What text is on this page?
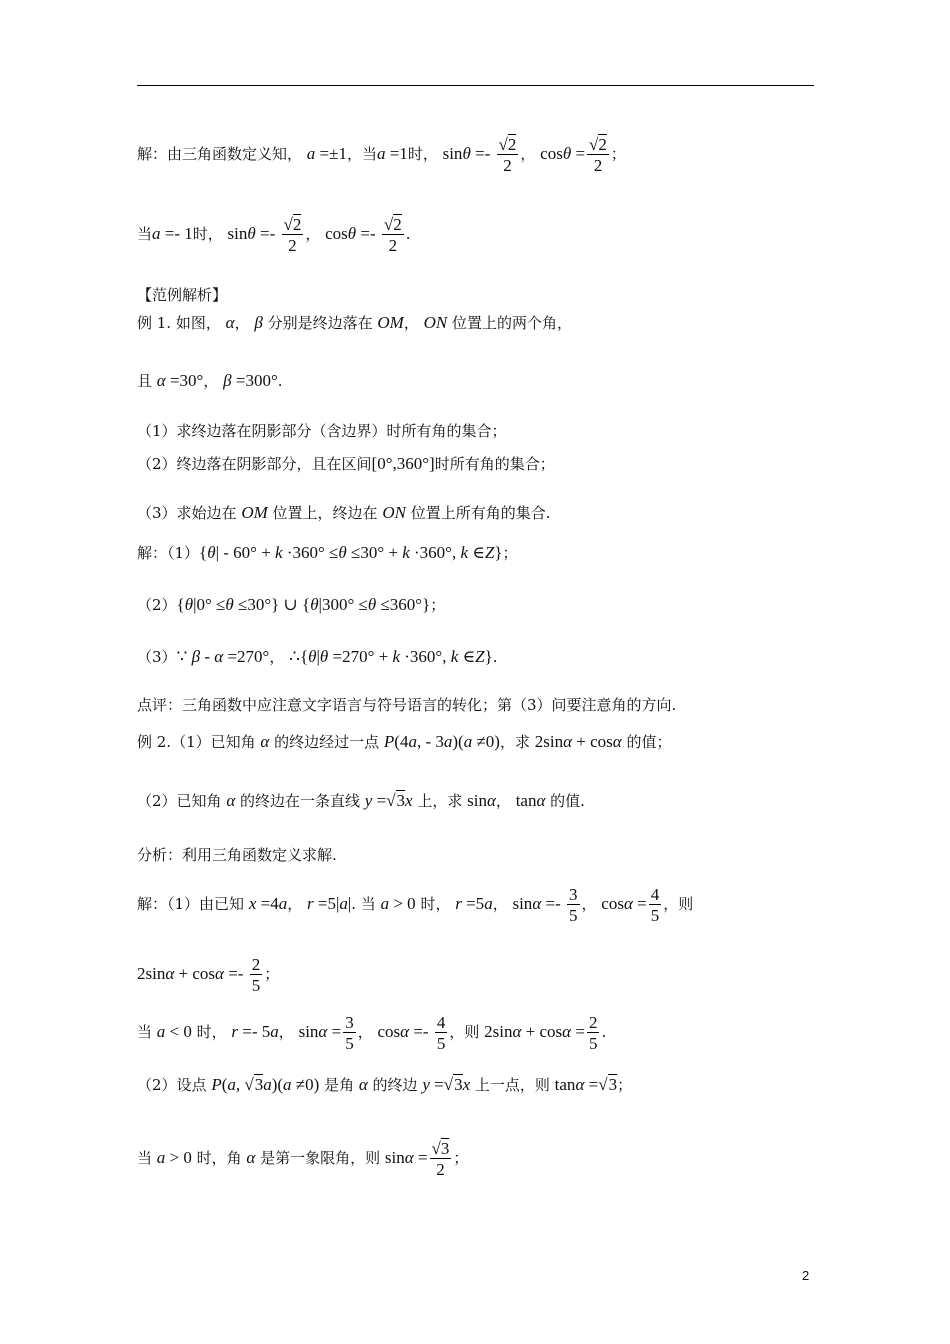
解：由三角函数定义知， a =±1，当a =1时， $\sin\theta =- \frac{√2}{2}$ ， $\cos\theta = \frac{√2}{2}$ ；
当a =- 1时， $\sin\theta =- \frac{√2}{2}$ ， $\cos\theta =- \frac{√2}{2}$ .
【范例解析】
例 1. 如图， α， β 分别是终边落在 OM， ON 位置上的两个角，
且 α =30°， β =300°.
（1）求终边落在阴影部分（含边界）时所有角的集合；
（2）终边落在阴影部分，且在区间[0°,360°]时所有角的集合；
（3）求始边在 OM 位置上，终边在 ON 位置上所有角的集合.
解：（1）{θ| - 60° + k ·360° ≤θ ≤30° + k ·360°, k ∈Z}；
（2）{θ|0° ≤θ ≤30°} ∪ {θ|300° ≤θ ≤360°}；
（3）∵ β - α =270°， ∴{θ|θ =270° + k ·360°, k ∈Z}.
点评：三角函数中应注意文字语言与符号语言的转化；第（3）问要注意角的方向.
例 2.（1）已知角 α 的终边经过一点 P(4a, - 3a)(a ≠0)，求 2sinα + cosα 的值；
（2）已知角 α 的终边在一条直线 y =√3x 上，求 sinα， tanα 的值.
分析：利用三角函数定义求解.
解：（1）由已知 x =4a， r =5|a|. 当 a > 0 时， r =5a， $\sin\alpha =- \frac{3}{5}$ ， $\cos\alpha = \frac{4}{5}$ ，则
$2\sin\alpha + \cos\alpha =- \frac{2}{5}$ ；
当 a < 0 时， r =- 5a， $\sin\alpha = \frac{3}{5}$ ， $\cos\alpha =- \frac{4}{5}$ ，则 $2\sin\alpha + \cos\alpha = \frac{2}{5}$ .
（2）设点 P(a, √3a)(a ≠0) 是角 α 的终边 y =√3x 上一点，则 tanα =√3；
当 a > 0 时，角 α 是第一象限角，则 $\sin\alpha = \frac{√3}{2}$ ；
2
